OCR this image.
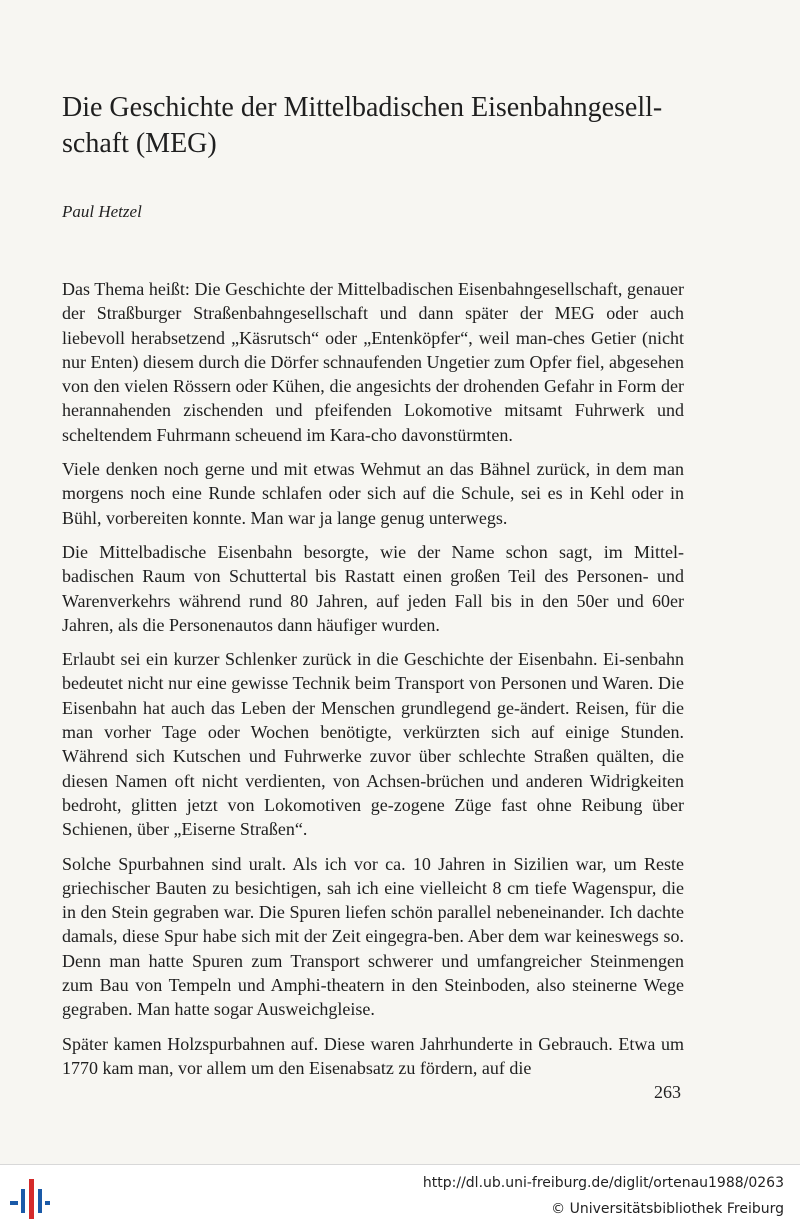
Die Geschichte der Mittelbadischen Eisenbahngesell-
schaft (MEG)
Paul Hetzel

Das Thema heißt: Die Geschichte der Mittelbadischen Eisenbahngesellschaft, genauer der Straßburger Straßenbahngesellschaft und dann später der MEG oder auch liebevoll herabsetzend „Käsrutsch“ oder „Entenköpfer“, weil man-ches Getier (nicht nur Enten) diesem durch die Dörfer schnaufenden Ungetier zum Opfer fiel, abgesehen von den vielen Rössern oder Kühen, die angesichts der drohenden Gefahr in Form der herannahenden zischenden und pfeifenden Lokomotive mitsamt Fuhrwerk und scheltendem Fuhrmann scheuend im Kara-cho davonstürmten.

Viele denken noch gerne und mit etwas Wehmut an das Bähnel zurück, in dem man morgens noch eine Runde schlafen oder sich auf die Schule, sei es in Kehl oder in Bühl, vorbereiten konnte. Man war ja lange genug unterwegs.

Die Mittelbadische Eisenbahn besorgte, wie der Name schon sagt, im Mittel-badischen Raum von Schuttertal bis Rastatt einen großen Teil des Personen- und Warenverkehrs während rund 80 Jahren, auf jeden Fall bis in den 50er und 60er Jahren, als die Personenautos dann häufiger wurden.

Erlaubt sei ein kurzer Schlenker zurück in die Geschichte der Eisenbahn. Ei-senbahn bedeutet nicht nur eine gewisse Technik beim Transport von Personen und Waren. Die Eisenbahn hat auch das Leben der Menschen grundlegend ge-ändert. Reisen, für die man vorher Tage oder Wochen benötigte, verkürzten sich auf einige Stunden. Während sich Kutschen und Fuhrwerke zuvor über schlechte Straßen quälten, die diesen Namen oft nicht verdienten, von Achsen-brüchen und anderen Widrigkeiten bedroht, glitten jetzt von Lokomotiven ge-zogene Züge fast ohne Reibung über Schienen, über „Eiserne Straßen“.

Solche Spurbahnen sind uralt. Als ich vor ca. 10 Jahren in Sizilien war, um Reste griechischer Bauten zu besichtigen, sah ich eine vielleicht 8 cm tiefe Wagenspur, die in den Stein gegraben war. Die Spuren liefen schön parallel nebeneinander. Ich dachte damals, diese Spur habe sich mit der Zeit eingegra-ben. Aber dem war keineswegs so. Denn man hatte Spuren zum Transport schwerer und umfangreicher Steinmengen zum Bau von Tempeln und Amphi-theatern in den Steinboden, also steinerne Wege gegraben. Man hatte sogar Ausweichgleise.

Später kamen Holzspurbahnen auf. Diese waren Jahrhunderte in Gebrauch. Etwa um 1770 kam man, vor allem um den Eisenabsatz zu fördern, auf die

263
http://dl.ub.uni-freiburg.de/diglit/ortenau1988/0263
© Universitätsbibliothek Freiburg
